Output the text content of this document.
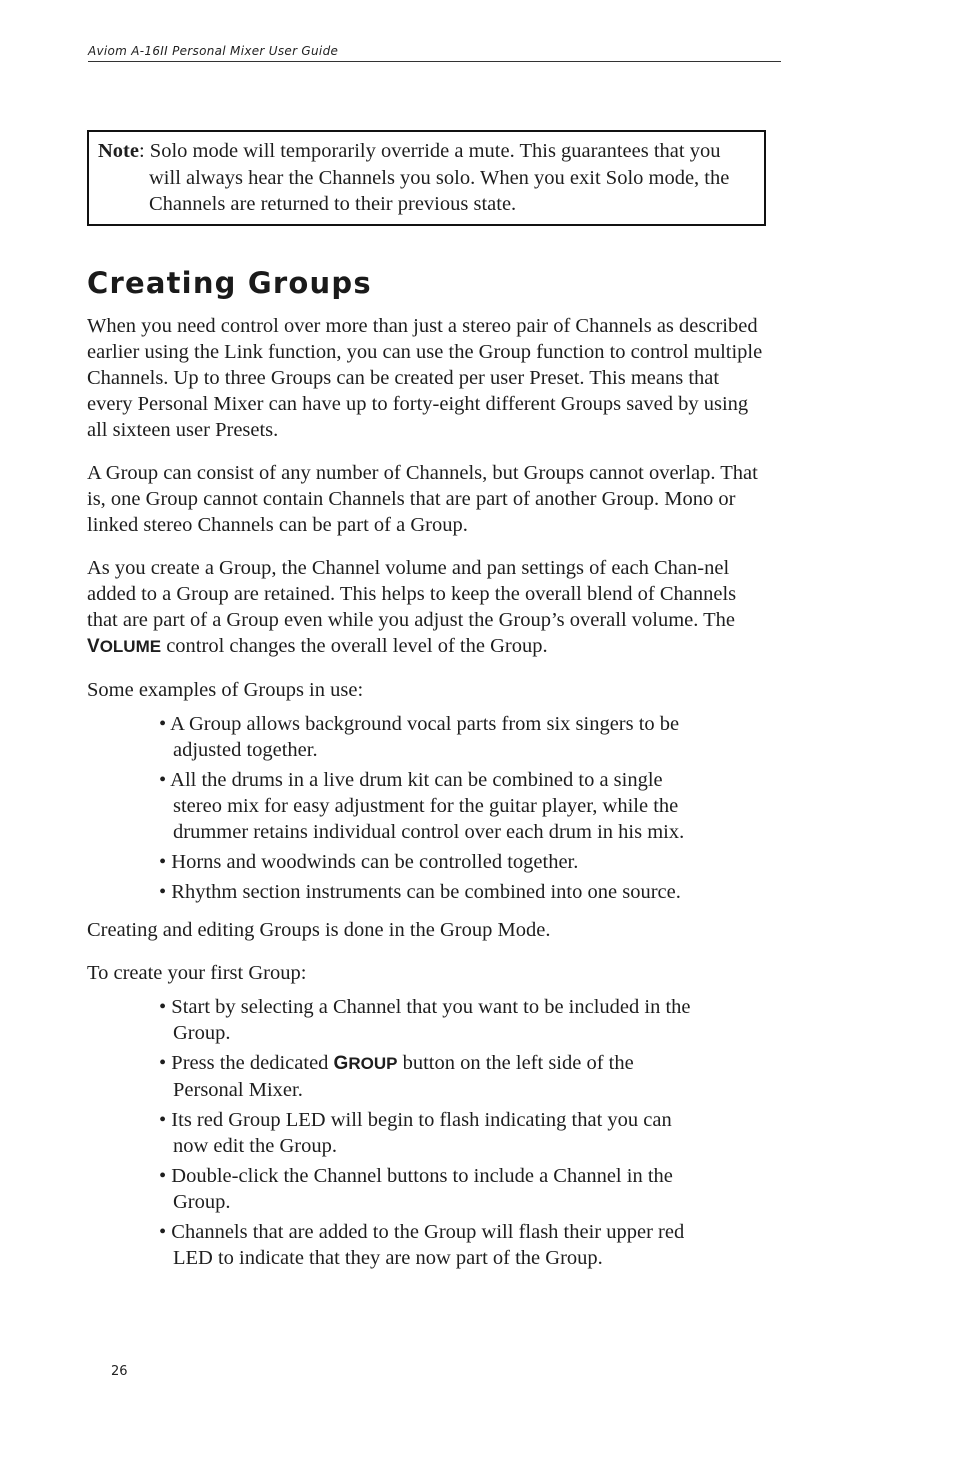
Aviom A-16II Personal Mixer User Guide

Note: Solo mode will temporarily override a mute. This guarantees that you will always hear the Channels you solo. When you exit Solo mode, the Channels are returned to their previous state.

Creating Groups

When you need control over more than just a stereo pair of Channels as described earlier using the Link function, you can use the Group function to control multiple Channels. Up to three Groups can be created per user Preset. This means that every Personal Mixer can have up to forty-eight different Groups saved by using all sixteen user Presets.

A Group can consist of any number of Channels, but Groups cannot overlap. That is, one Group cannot contain Channels that are part of another Group. Mono or linked stereo Channels can be part of a Group.

As you create a Group, the Channel volume and pan settings of each Chan-nel added to a Group are retained. This helps to keep the overall blend of Channels that are part of a Group even while you adjust the Group’s overall volume. The VOLUME control changes the overall level of the Group.

Some examples of Groups in use:

• A Group allows background vocal parts from six singers to be adjusted together.
• All the drums in a live drum kit can be combined to a single stereo mix for easy adjustment for the guitar player, while the drummer retains individual control over each drum in his mix.
• Horns and woodwinds can be controlled together.
• Rhythm section instruments can be combined into one source.

Creating and editing Groups is done in the Group Mode.

To create your first Group:

• Start by selecting a Channel that you want to be included in the Group.
• Press the dedicated GROUP button on the left side of the Personal Mixer.
• Its red Group LED will begin to flash indicating that you can now edit the Group.
• Double-click the Channel buttons to include a Channel in the Group.
• Channels that are added to the Group will flash their upper red LED to indicate that they are now part of the Group.
26
